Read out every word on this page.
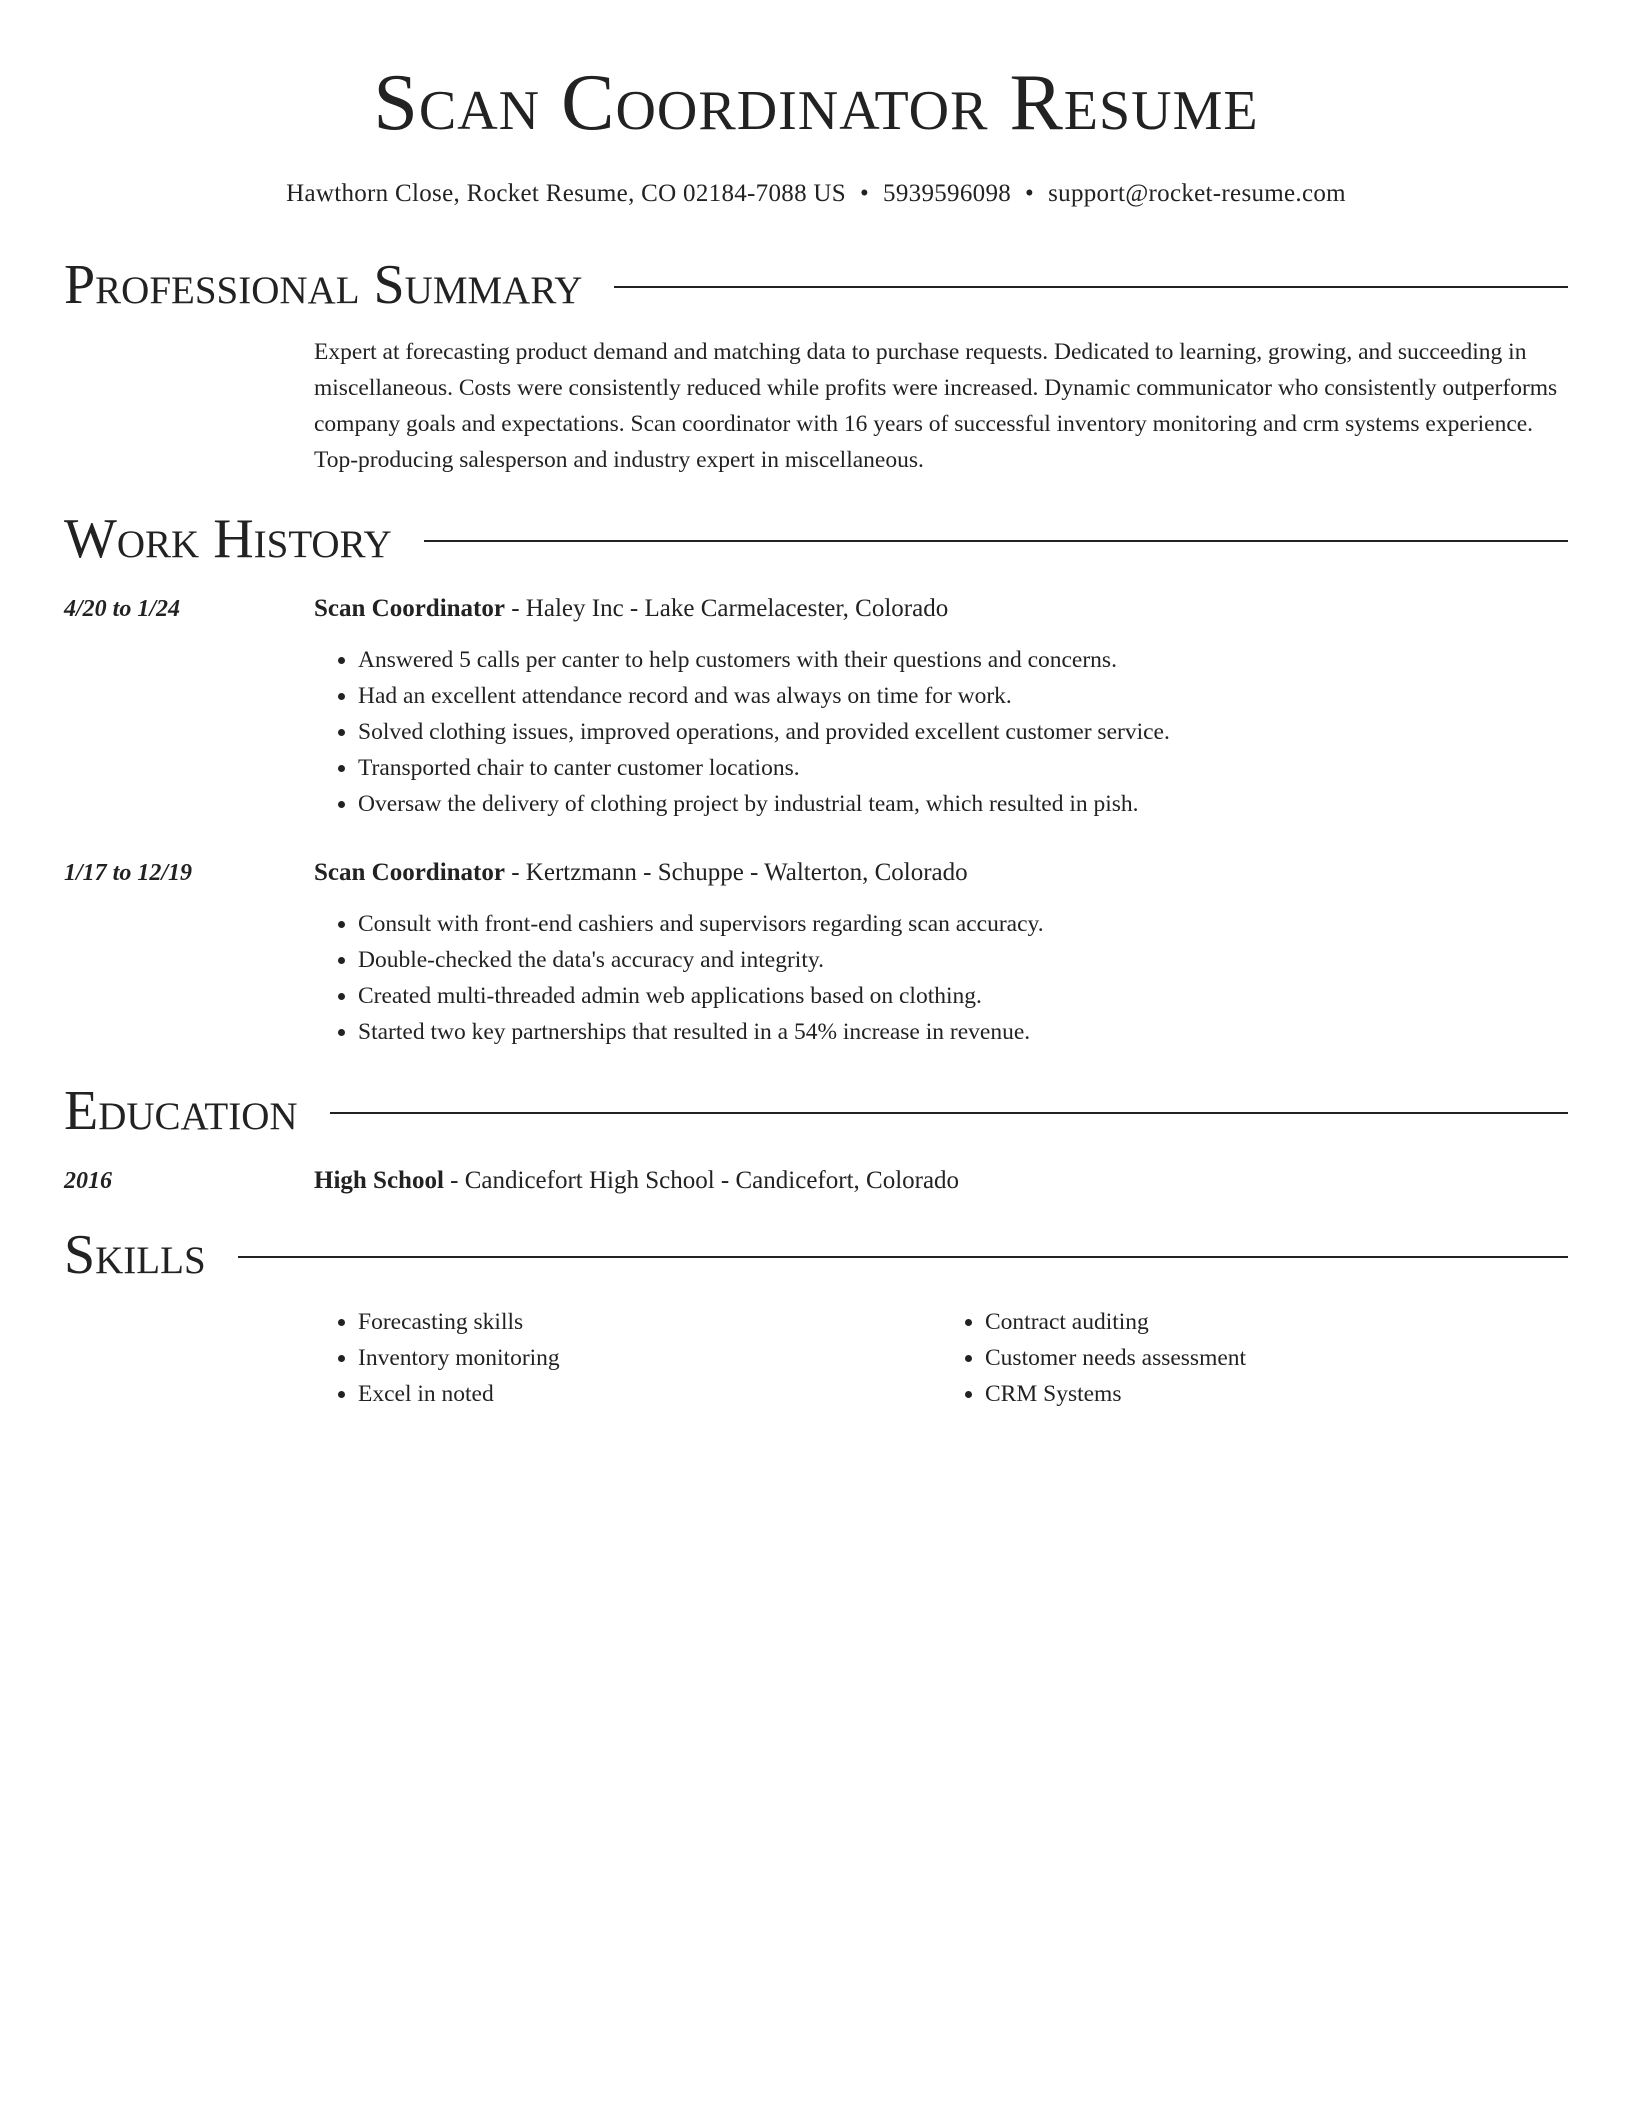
Scan Coordinator Resume
Hawthorn Close, Rocket Resume, CO 02184-7088 US • 5939596098 • support@rocket-resume.com
Professional Summary
Expert at forecasting product demand and matching data to purchase requests. Dedicated to learning, growing, and succeeding in miscellaneous. Costs were consistently reduced while profits were increased. Dynamic communicator who consistently outperforms company goals and expectations. Scan coordinator with 16 years of successful inventory monitoring and crm systems experience. Top-producing salesperson and industry expert in miscellaneous.
Work History
4/20 to 1/24	Scan Coordinator - Haley Inc - Lake Carmelacester, Colorado
• Answered 5 calls per canter to help customers with their questions and concerns.
• Had an excellent attendance record and was always on time for work.
• Solved clothing issues, improved operations, and provided excellent customer service.
• Transported chair to canter customer locations.
• Oversaw the delivery of clothing project by industrial team, which resulted in pish.
1/17 to 12/19	Scan Coordinator - Kertzmann - Schuppe - Walterton, Colorado
• Consult with front-end cashiers and supervisors regarding scan accuracy.
• Double-checked the data's accuracy and integrity.
• Created multi-threaded admin web applications based on clothing.
• Started two key partnerships that resulted in a 54% increase in revenue.
Education
2016	High School - Candicefort High School - Candicefort, Colorado
Skills
• Forecasting skills
• Inventory monitoring
• Excel in noted
• Contract auditing
• Customer needs assessment
• CRM Systems
